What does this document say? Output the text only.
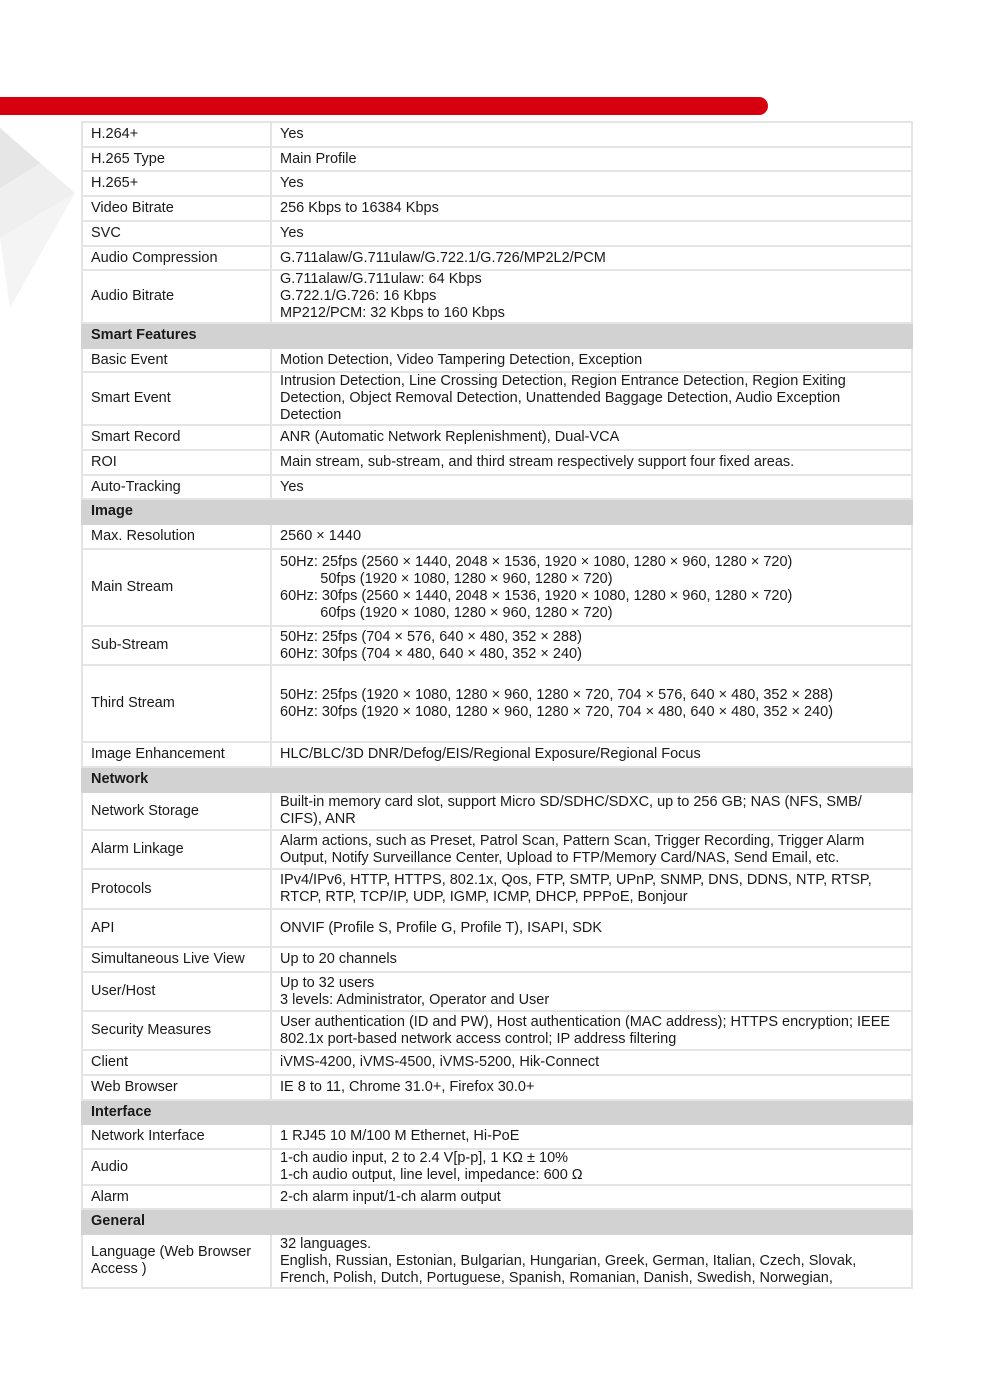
H.264+	Yes
H.265 Type	Main Profile
H.265+	Yes
Video Bitrate	256 Kbps to 16384 Kbps
SVC	Yes
Audio Compression	G.711alaw/G.711ulaw/G.722.1/G.726/MP2L2/PCM
Audio Bitrate	G.711alaw/G.711ulaw: 64 Kbps
G.722.1/G.726: 16 Kbps
MP212/PCM: 32 Kbps to 160 Kbps
Smart Features	
Basic Event	Motion Detection, Video Tampering Detection, Exception
Smart Event	Intrusion Detection, Line Crossing Detection, Region Entrance Detection, Region Exiting Detection, Object Removal Detection, Unattended Baggage Detection, Audio Exception Detection
Smart Record	ANR (Automatic Network Replenishment), Dual-VCA
ROI	Main stream, sub-stream, and third stream respectively support four fixed areas.
Auto-Tracking	Yes
Image	
Max. Resolution	2560 × 1440
Main Stream	50Hz: 25fps (2560 × 1440, 2048 × 1536, 1920 × 1080, 1280 × 960, 1280 × 720)
50fps (1920 × 1080, 1280 × 960, 1280 × 720)
60Hz: 30fps (2560 × 1440, 2048 × 1536, 1920 × 1080, 1280 × 960, 1280 × 720)
60fps (1920 × 1080, 1280 × 960, 1280 × 720)
Sub-Stream	50Hz: 25fps (704 × 576, 640 × 480, 352 × 288)
60Hz: 30fps (704 × 480, 640 × 480, 352 × 240)
Third Stream	50Hz: 25fps (1920 × 1080, 1280 × 960, 1280 × 720, 704 × 576, 640 × 480, 352 × 288)
60Hz: 30fps (1920 × 1080, 1280 × 960, 1280 × 720, 704 × 480, 640 × 480, 352 × 240)
Image Enhancement	HLC/BLC/3D DNR/Defog/EIS/Regional Exposure/Regional Focus
Network	
Network Storage	Built-in memory card slot, support Micro SD/SDHC/SDXC, up to 256 GB; NAS (NFS, SMB/ CIFS), ANR
Alarm Linkage	Alarm actions, such as Preset, Patrol Scan, Pattern Scan, Trigger Recording, Trigger Alarm Output, Notify Surveillance Center, Upload to FTP/Memory Card/NAS, Send Email, etc.
Protocols	IPv4/IPv6, HTTP, HTTPS, 802.1x, Qos, FTP, SMTP, UPnP, SNMP, DNS, DDNS, NTP, RTSP, RTCP, RTP, TCP/IP, UDP, IGMP, ICMP, DHCP, PPPoE, Bonjour
API	ONVIF (Profile S, Profile G, Profile T), ISAPI, SDK
Simultaneous Live View	Up to 20 channels
User/Host	Up to 32 users
3 levels: Administrator, Operator and User
Security Measures	User authentication (ID and PW), Host authentication (MAC address); HTTPS encryption; IEEE 802.1x port-based network access control; IP address filtering
Client	iVMS-4200, iVMS-4500, iVMS-5200, Hik-Connect
Web Browser	IE 8 to 11, Chrome 31.0+, Firefox 30.0+
Interface	
Network Interface	1 RJ45 10 M/100 M Ethernet, Hi-PoE
Audio	1-ch audio input, 2 to 2.4 V[p-p], 1 KΩ ± 10%
1-ch audio output, line level, impedance: 600 Ω
Alarm	2-ch alarm input/1-ch alarm output
General	
Language (Web Browser Access )	32 languages.
English, Russian, Estonian, Bulgarian, Hungarian, Greek, German, Italian, Czech, Slovak, French, Polish, Dutch, Portuguese, Spanish, Romanian, Danish, Swedish, Norwegian,
